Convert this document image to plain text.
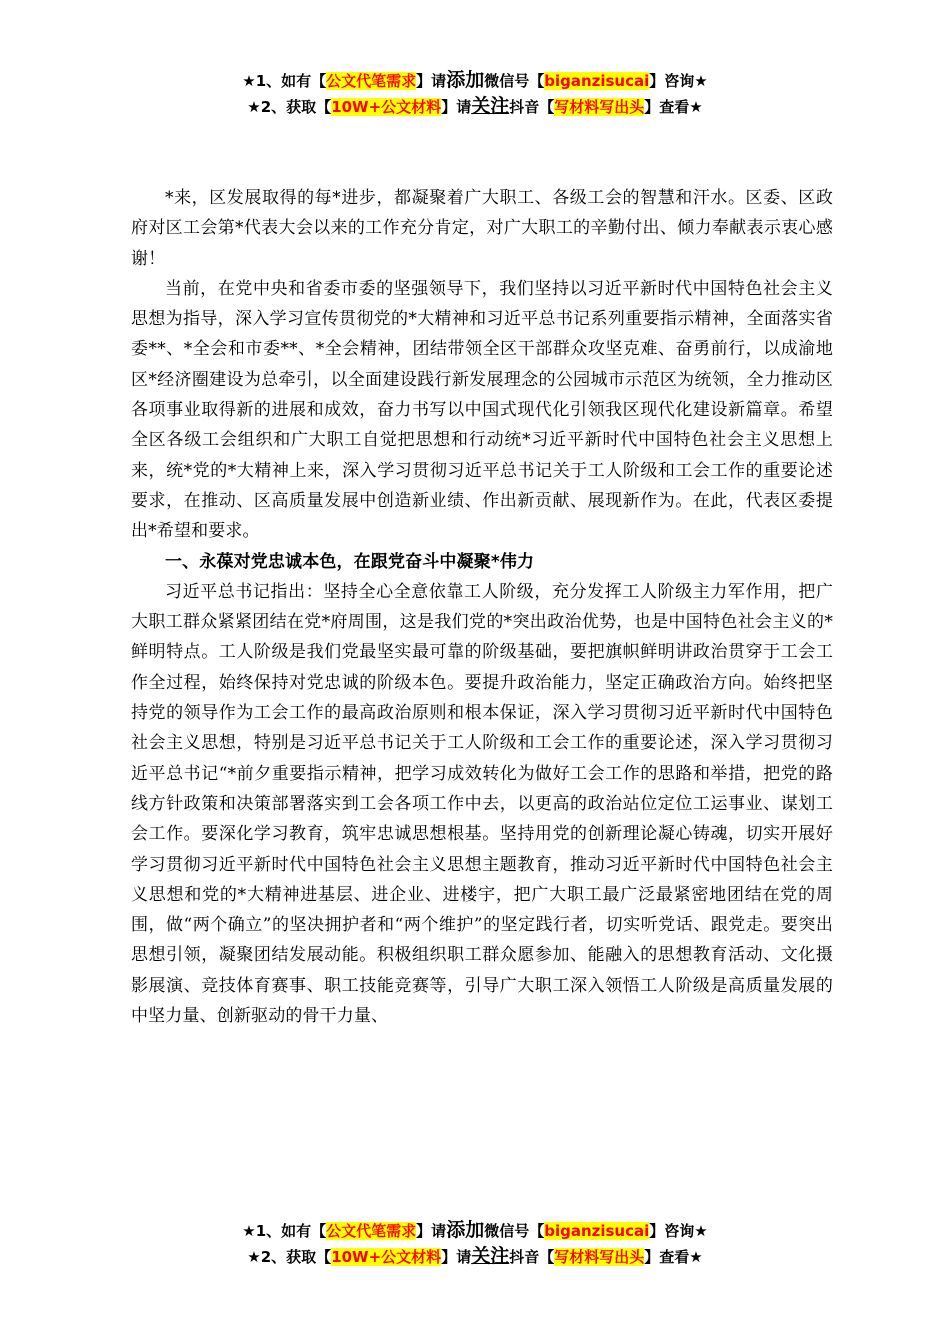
★1、如有【公文代笔需求】请添加微信号【biganzisucai】咨询★
★2、获取【10W+公文材料】请关注抖音【写材料写出头】查看★

*来，区发展取得的每*进步，都凝聚着广大职工、各级工会的智慧和汗水。区委、区政府对区工会第*代表大会以来的工作充分肯定，对广大职工的辛勤付出、倾力奉献表示衷心感谢！

当前，在党中央和省委市委的坚强领导下，我们坚持以习近平新时代中国特色社会主义思想为指导，深入学习宣传贯彻党的*大精神和习近平总书记系列重要指示精神，全面落实省委**、*全会和市委**、*全会精神，团结带领全区干部群众攻坚克难、奋勇前行，以成渝地区*经济圈建设为总牵引，以全面建设践行新发展理念的公园城市示范区为统领，全力推动区各项事业取得新的进展和成效，奋力书写以中国式现代化引领我区现代化建设新篇章。希望全区各级工会组织和广大职工自觉把思想和行动统*习近平新时代中国特色社会主义思想上来，统*党的*大精神上来，深入学习贯彻习近平总书记关于工人阶级和工会工作的重要论述要求，在推动、区高质量发展中创造新业绩、作出新贡献、展现新作为。在此，代表区委提出*希望和要求。

一、永葆对党忠诚本色，在跟党奋斗中凝聚*伟力

习近平总书记指出：坚持全心全意依靠工人阶级，充分发挥工人阶级主力军作用，把广大职工群众紧紧团结在党*府周围，这是我们党的*突出政治优势，也是中国特色社会主义的*鲜明特点。工人阶级是我们党最坚实最可靠的阶级基础，要把旗帜鲜明讲政治贯穿于工会工作全过程，始终保持对党忠诚的阶级本色。要提升政治能力，坚定正确政治方向。始终把坚持党的领导作为工会工作的最高政治原则和根本保证，深入学习贯彻习近平新时代中国特色社会主义思想，特别是习近平总书记关于工人阶级和工会工作的重要论述，深入学习贯彻习近平总书记“*前夕重要指示精神，把学习成效转化为做好工会工作的思路和举措，把党的路线方针政策和决策部署落实到工会各项工作中去，以更高的政治站位定位工运事业、谋划工会工作。要深化学习教育，筑牢忠诚思想根基。坚持用党的创新理论凝心铸魂，切实开展好学习贯彻习近平新时代中国特色社会主义思想主题教育，推动习近平新时代中国特色社会主义思想和党的*大精神进基层、进企业、进楼宇，把广大职工最广泛最紧密地团结在党的周围，做“两个确立”的坚决拥护者和“两个维护”的坚定践行者，切实听党话、跟党走。要突出思想引领，凝聚团结发展动能。积极组织职工群众愿参加、能融入的思想教育活动、文化摄影展演、竞技体育赛事、职工技能竞赛等，引导广大职工深入领悟工人阶级是高质量发展的中坚力量、创新驱动的骨干力量、

★1、如有【公文代笔需求】请添加微信号【biganzisucai】咨询★
★2、获取【10W+公文材料】请关注抖音【写材料写出头】查看★
